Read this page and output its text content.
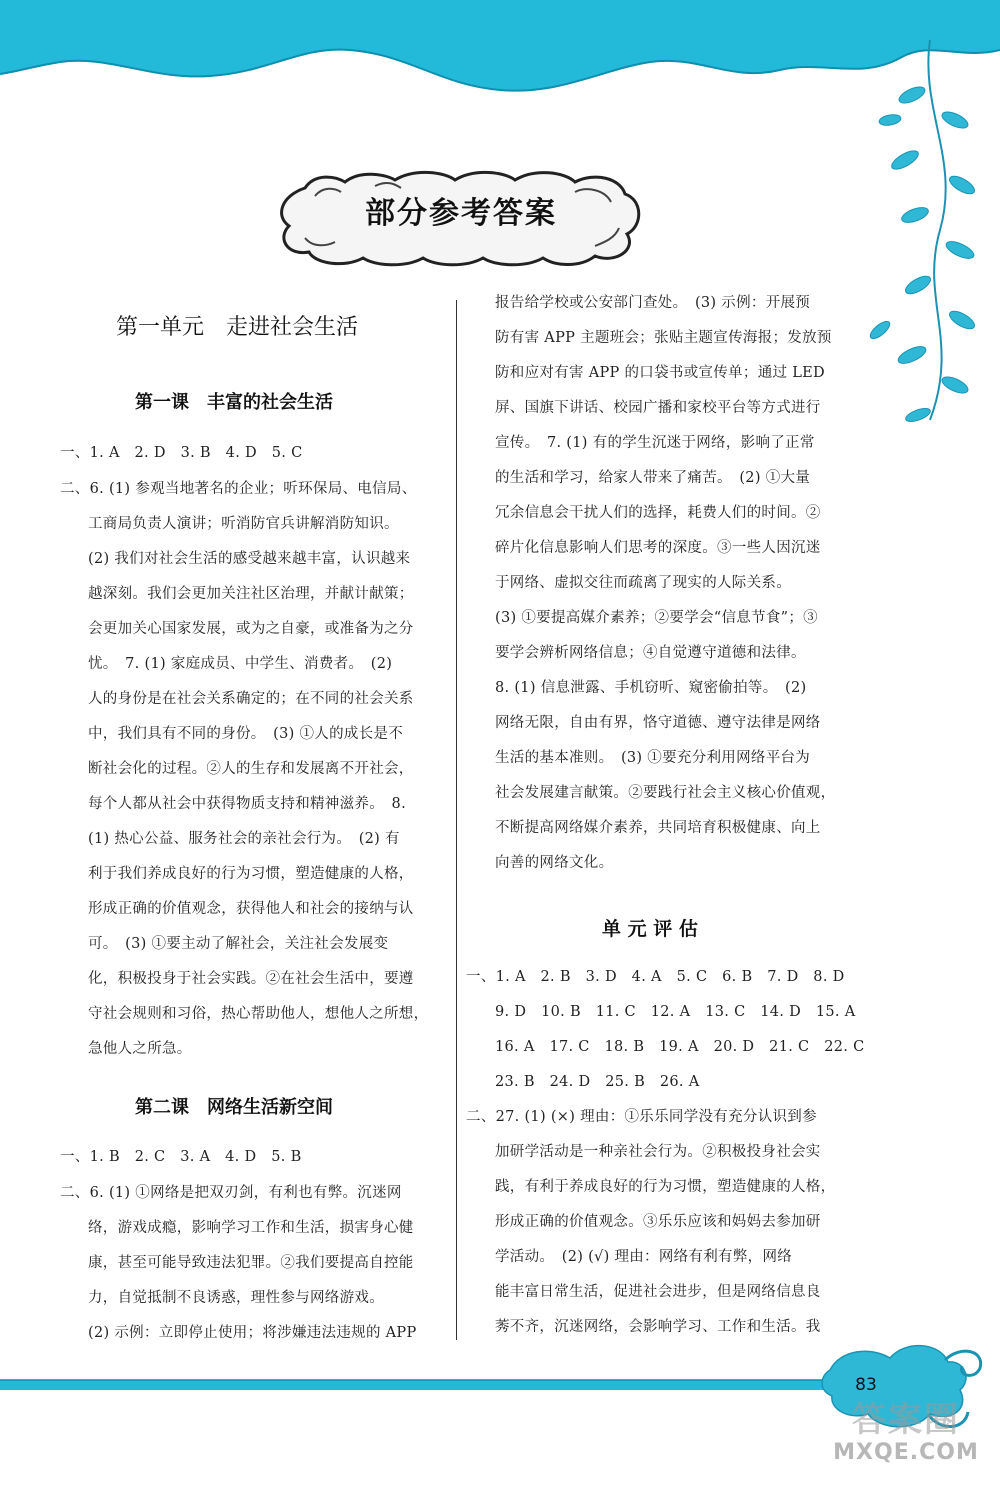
部分参考答案
第一单元　走进社会生活
第一课　丰富的社会生活
一、1. A　2. D　3. B　4. D　5. C
二、6. (1) 参观当地著名的企业；听环保局、电信局、
工商局负责人演讲；听消防官兵讲解消防知识。
(2) 我们对社会生活的感受越来越丰富，认识越来
越深刻。我们会更加关注社区治理，并献计献策；
会更加关心国家发展，或为之自豪，或准备为之分
忧。　7. (1) 家庭成员、中学生、消费者。　(2)
人的身份是在社会关系确定的；在不同的社会关系
中，我们具有不同的身份。　(3) ①人的成长是不
断社会化的过程。②人的生存和发展离不开社会，
每个人都从社会中获得物质支持和精神滋养。　8.
(1) 热心公益、服务社会的亲社会行为。　(2) 有
利于我们养成良好的行为习惯，塑造健康的人格，
形成正确的价值观念，获得他人和社会的接纳与认
可。　(3) ①要主动了解社会，关注社会发展变
化，积极投身于社会实践。②在社会生活中，要遵
守社会规则和习俗，热心帮助他人，想他人之所想，
急他人之所急。
第二课　网络生活新空间
一、1. B　2. C　3. A　4. D　5. B
二、6. (1) ①网络是把双刃剑，有利也有弊。沉迷网
络，游戏成瘾，影响学习工作和生活，损害身心健
康，甚至可能导致违法犯罪。②我们要提高自控能
力，自觉抵制不良诱惑，理性参与网络游戏。
(2) 示例：立即停止使用；将涉嫌违法违规的 APP
报告给学校或公安部门查处。　(3) 示例：开展预
防有害 APP 主题班会；张贴主题宣传海报；发放预
防和应对有害 APP 的口袋书或宣传单；通过 LED
屏、国旗下讲话、校园广播和家校平台等方式进行
宣传。　7. (1) 有的学生沉迷于网络，影响了正常
的生活和学习，给家人带来了痛苦。　(2) ①大量
冗余信息会干扰人们的选择，耗费人们的时间。②
碎片化信息影响人们思考的深度。③一些人因沉迷
于网络、虚拟交往而疏离了现实的人际关系。
(3) ①要提高媒介素养；②要学会“信息节食”；③
要学会辨析网络信息；④自觉遵守道德和法律。
8. (1) 信息泄露、手机窃听、窥密偷拍等。　(2)
网络无限，自由有界，恪守道德、遵守法律是网络
生活的基本准则。　(3) ①要充分利用网络平台为
社会发展建言献策。②要践行社会主义核心价值观，
不断提高网络媒介素养，共同培育积极健康、向上
向善的网络文化。
单 元 评 估
一、1. A　2. B　3. D　4. A　5. C　6. B　7. D　8. D
9. D　10. B　11. C　12. A　13. C　14. D　15. A
16. A　17. C　18. B　19. A　20. D　21. C　22. C
23. B　24. D　25. B　26. A
二、27. (1) (×) 理由：①乐乐同学没有充分认识到参
加研学活动是一种亲社会行为。②积极投身社会实
践，有利于养成良好的行为习惯，塑造健康的人格，
形成正确的价值观念。③乐乐应该和妈妈去参加研
学活动。　(2) (√) 理由：网络有利有弊，网络
能丰富日常生活，促进社会进步，但是网络信息良
莠不齐，沉迷网络，会影响学习、工作和生活。我
83
答案圈
MXQE.COM
